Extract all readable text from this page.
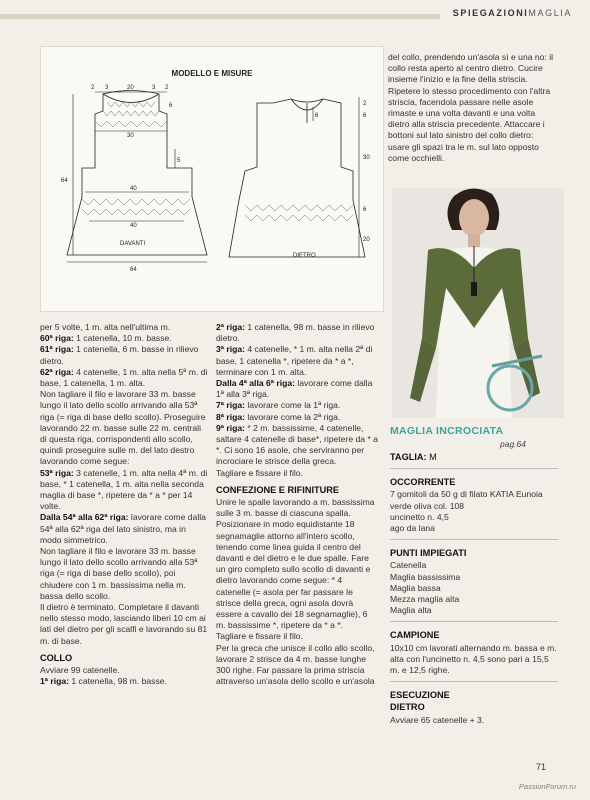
SPIEGAZIONIMAGLIA
MODELLO E MISURE
2 3	20	3 2
6
30
5
64
40
40
DAVANTI
64
2
6
6
30
6
20
DIETRO

per 5 volte, 1 m. alta nell'ultima m.

60ª riga: 1 catenella, 10 m. basse.

61ª riga: 1 catenella, 6 m. basse in rilievo dietro.

62ª riga: 4 catenelle, 1 m. alta nella 5ª m. di base, 1 catenella, 1 m. alta.

Non tagliare il filo e lavorare 33 m. basse lungo il lato dello scollo arrivando alla 53ª riga (= riga di base dello scollo). Proseguire lavorando 22 m. basse sulle 22 m. centrali di questa riga, corrispondenti allo scollo, quindi proseguire sulle m. del lato destro lavorando come segue:

53ª riga: 3 catenelle, 1 m. alta nella 4ª m. di base, * 1 catenella, 1 m. alta nella seconda maglia di base *, ripetere da * a * per 14 volte.

Dalla 54ª alla 62ª riga: lavorare come dalla 54ª alla 62ª riga del lato sinistro, ma in modo simmetrico.

Non tagliare il filo e lavorare 33 m. basse lungo il lato dello scollo arrivando alla 53ª riga (= riga di base dello scollo), poi chiudere con 1 m. bassissima nella m. bassa dello scollo.

Il dietro è terminato. Completare il davanti nello stesso modo, lasciando liberi 10 cm ai lati del dietro per gli scalfi e lavorando su 81 m. di base.

COLLO

Avviare 99 catenelle.

1ª riga: 1 catenella, 98 m. basse.

2ª riga: 1 catenella, 98 m. basse in rilievo dietro.

3ª riga: 4 catenelle, * 1 m. alta nella 2ª di base, 1 catenella *, ripetere da * a *, terminare con 1 m. alta.

Dalla 4ª alla 6ª riga: lavorare come dalla 1ª alla 3ª riga.

7ª riga: lavorare come la 1ª riga.

8ª riga: lavorare come la 2ª riga.

9ª riga: * 2 m. bassissime, 4 catenelle, saltare 4 catenelle di base*, ripetere da * a *. Ci sono 16 asole, che serviranno per incrociare le strisce della greca.

Tagliare e fissare il filo.

CONFEZIONE E RIFINITURE

Unire le spalle lavorando a m. bassissima sulle 3 m. basse di ciascuna spalla. Posizionare in modo equidistante 18 segnamaglie attorno all'intero scollo, tenendo come linea guida il centro del davanti e del dietro e le due spalle. Fare un giro completo sullo scollo di davanti e dietro lavorando come segue: * 4 catenelle (= asola per far passare le strisce della greca, ogni asola dovrà essere a cavallo dei 18 segnamaglie), 6 m. bassissime *, ripetere da * a *.

Tagliare e fissare il filo.

Per la greca che unisce il collo allo scollo, lavorare 2 strisce da 4 m. basse lunghe 300 righe. Far passare la prima striscia attraverso un'asola dello scollo e un'asola

del collo, prendendo un'asola sì e una no: il collo resta aperto al centro dietro. Cucire insieme l'inizio e la fine della striscia. Ripetere lo stesso procedimento con l'altra striscia, facendola passare nelle asole rimaste e una volta davanti e una volta dietro alla striscia precedente. Attaccare i bottoni sul lato sinistro del collo dietro: usare gli spazi tra le m. sul lato opposto come occhielli.

MAGLIA INCROCIATA
pag.64
TAGLIA: M
OCCORRENTE

7 gomitoli da 50 g di filato KATIA Eunoia verde oliva col. 108

uncinetto n. 4,5

ago da lana

PUNTI IMPIEGATI

Catenella

Maglia bassissima

Maglia bassa

Mezza maglia alta

Maglia alta

CAMPIONE

10x10 cm lavorati alternando m. bassa e m. alta con l'uncinetto n. 4,5 sono pari a 15,5 m. e 12,5 righe.

ESECUZIONE
DIETRO

Avviare 65 catenelle + 3.

71
PassionForum.ru
